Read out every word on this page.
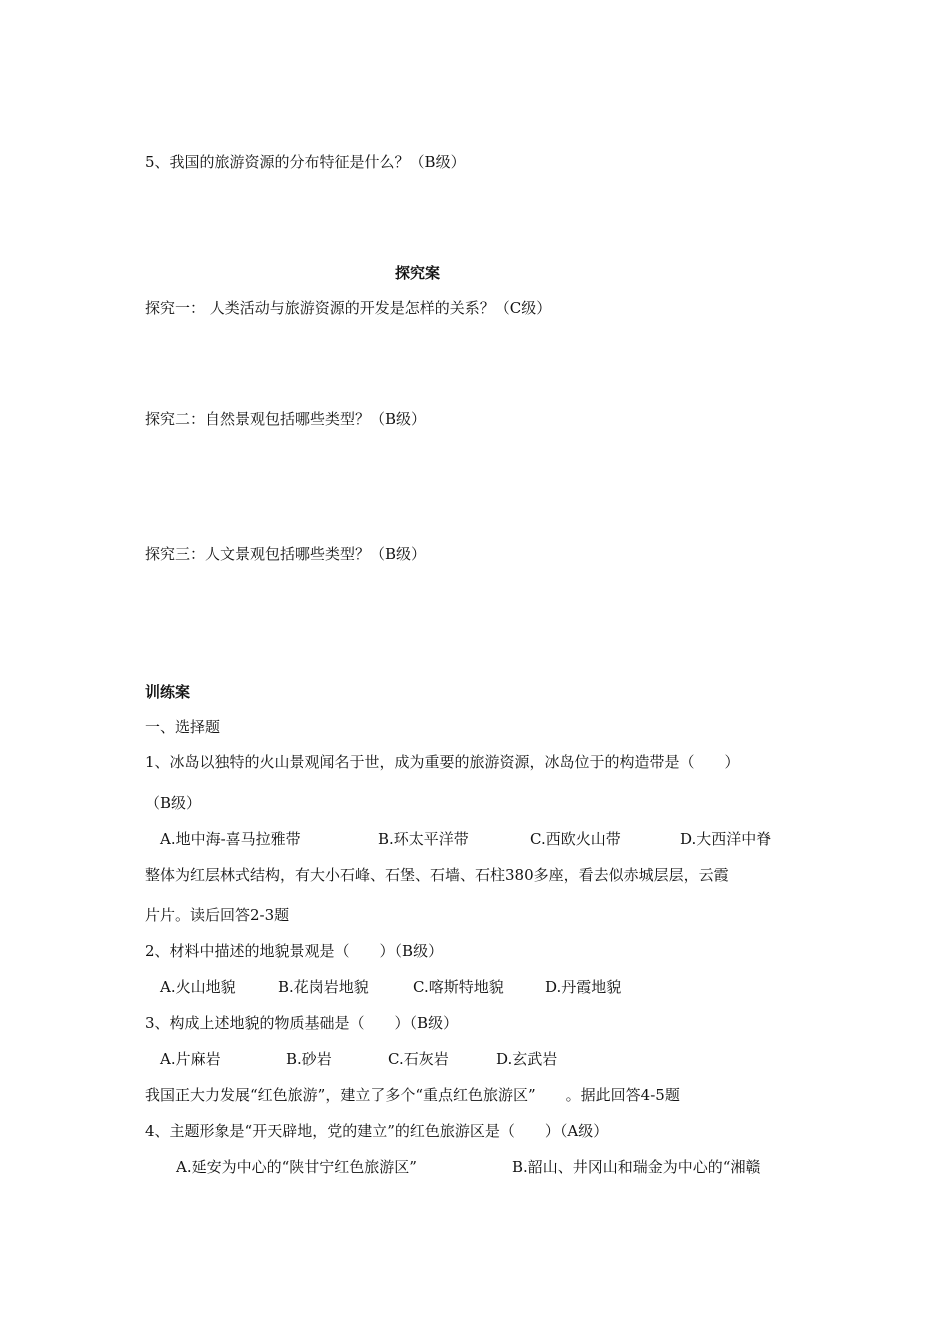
5、我国的旅游资源的分布特征是什么？（B级）
探究案
探究一： 人类活动与旅游资源的开发是怎样的关系？（C级）
探究二：自然景观包括哪些类型？（B级）
探究三：人文景观包括哪些类型？（B级）
训练案
一、选择题
1、冰岛以独特的火山景观闻名于世，成为重要的旅游资源，冰岛位于的构造带是（　　）
（B级）
A.地中海-喜马拉雅带	B.环太平洋带	C.西欧火山带	D.大西洋中脊
整体为红层林式结构，有大小石峰、石堡、石墙、石柱380多座，看去似赤城层层，云霞
片片。读后回答2-3题
2、材料中描述的地貌景观是（　　）（B级）
A.火山地貌	B.花岗岩地貌	C.喀斯特地貌	D.丹霞地貌
3、构成上述地貌的物质基础是（　　）（B级）
A.片麻岩	B.砂岩	C.石灰岩	D.玄武岩
我国正大力发展“红色旅游”，建立了多个“重点红色旅游区”　　。据此回答4-5题
4、主题形象是“开天辟地，党的建立”的红色旅游区是（　　）（A级）
A.延安为中心的“陕甘宁红色旅游区”	B.韶山、井冈山和瑞金为中心的“湘赣
